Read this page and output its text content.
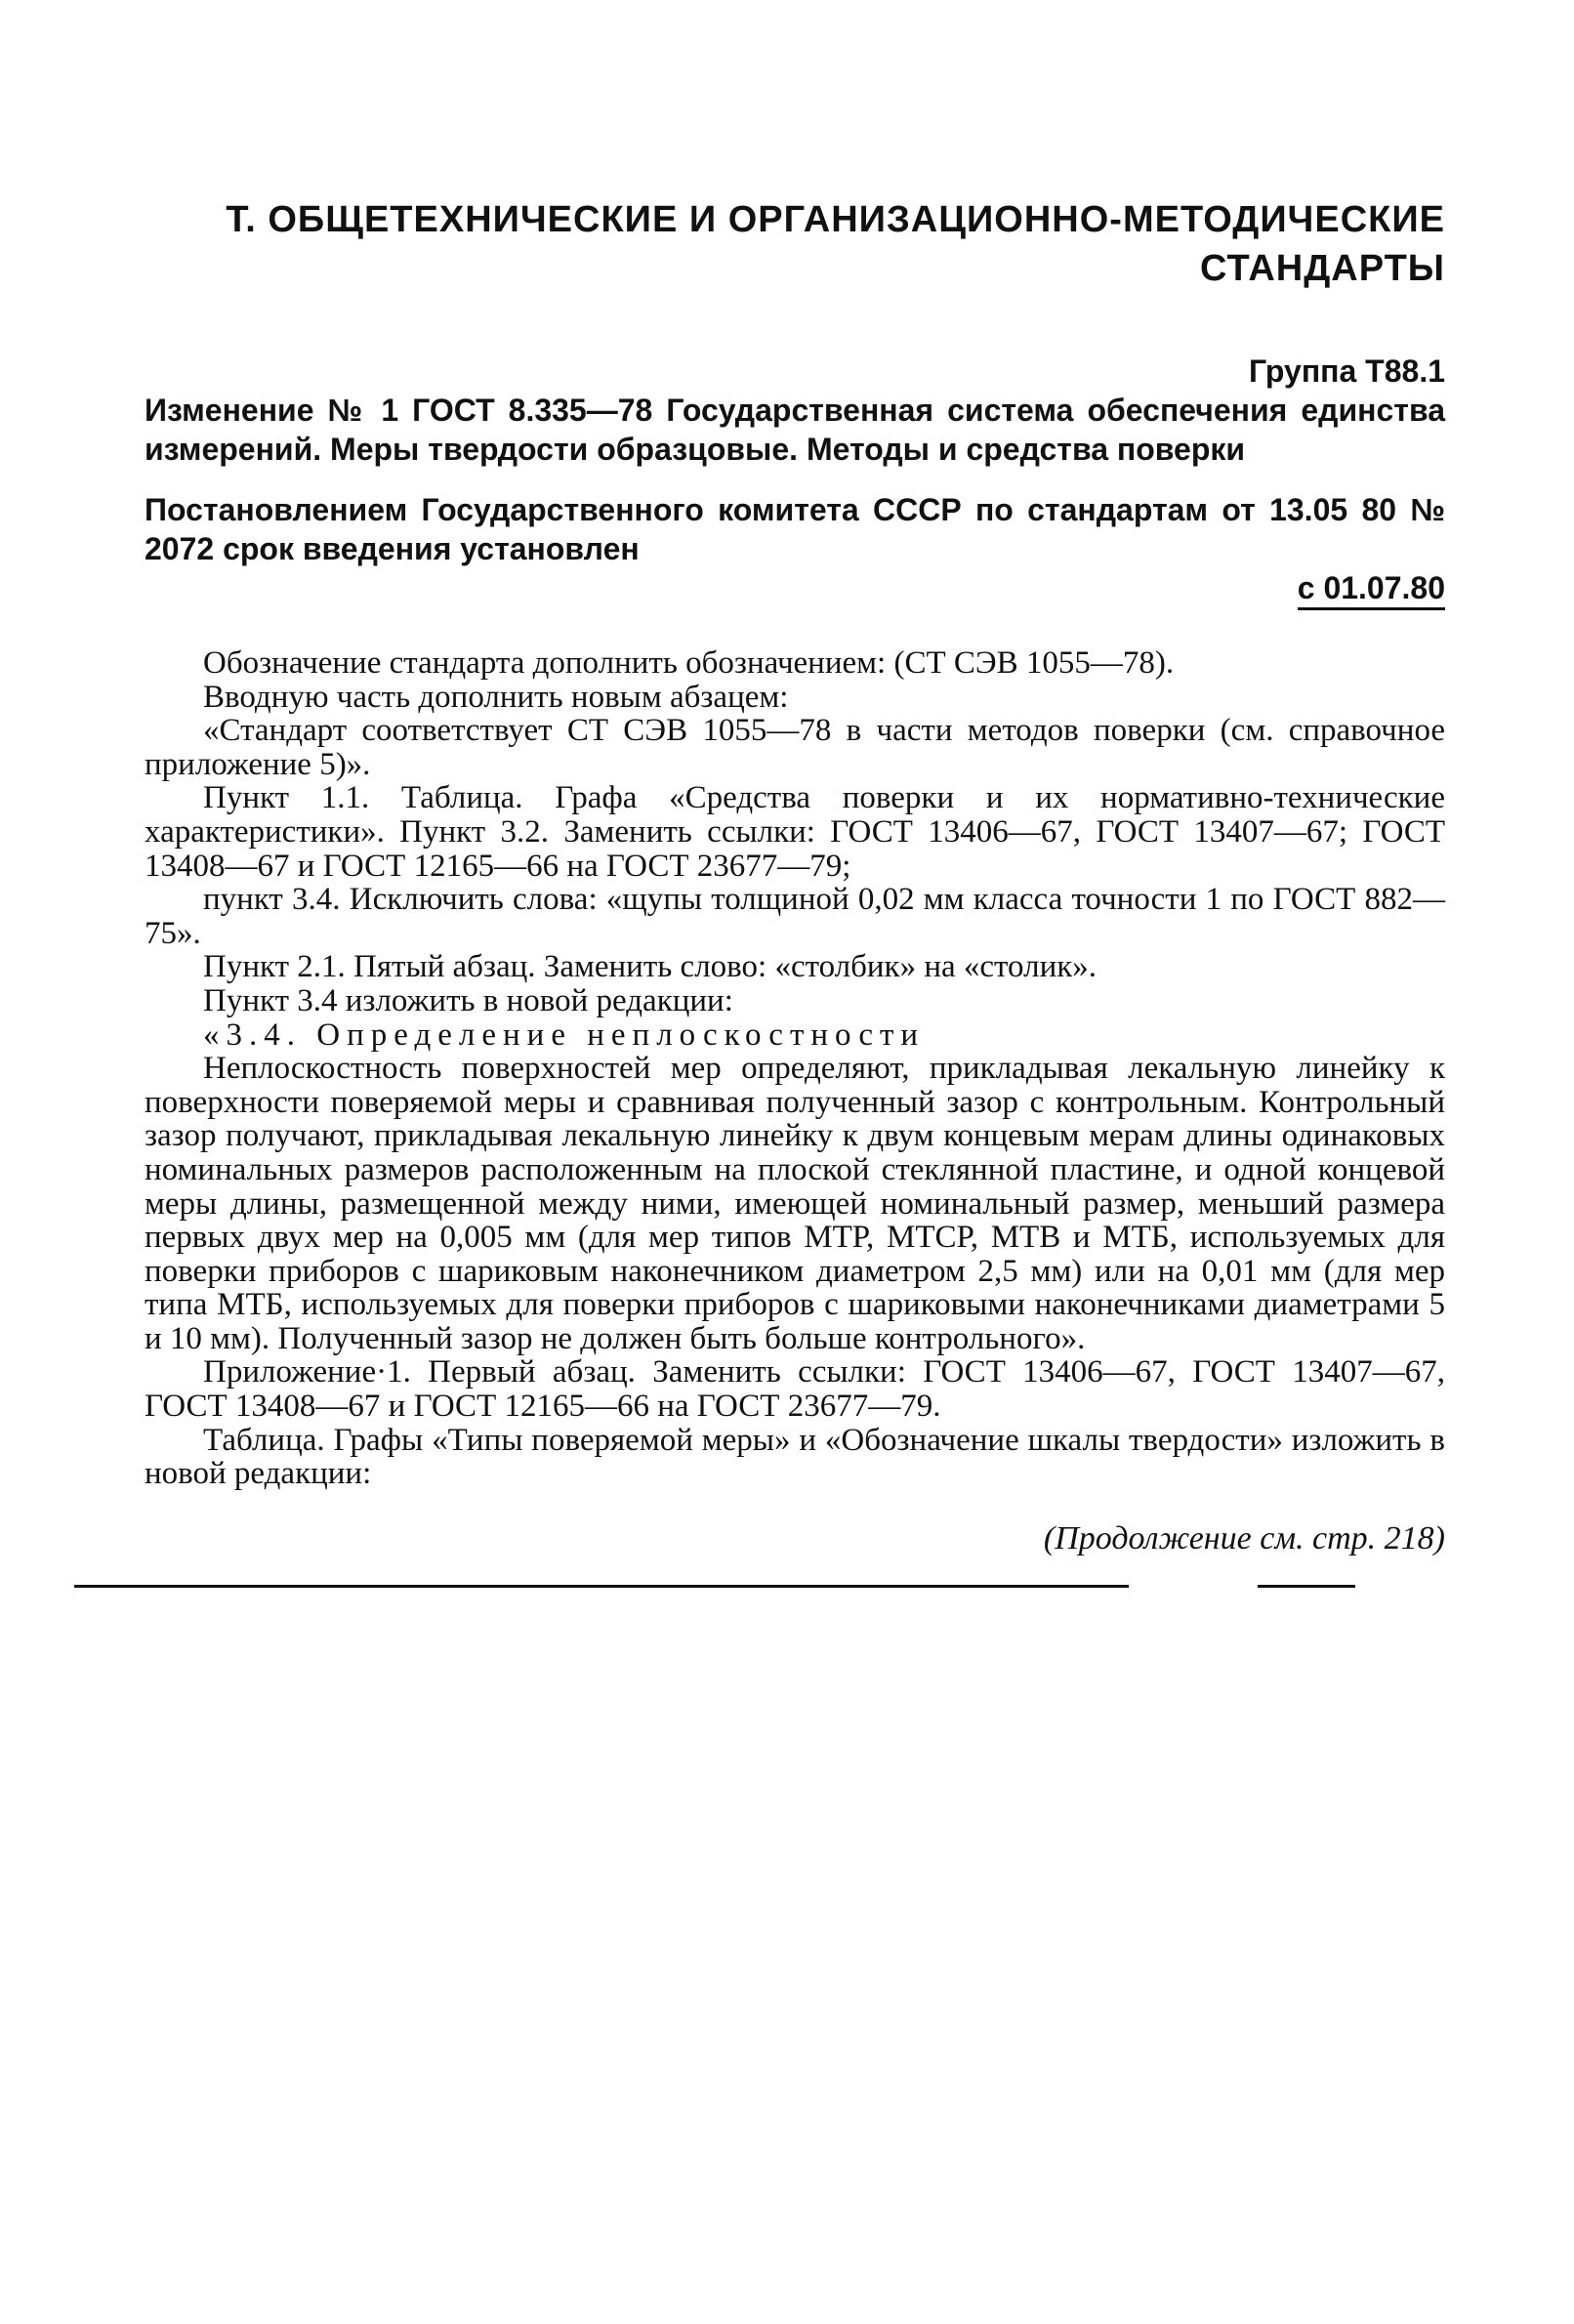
Т. ОБЩЕТЕХНИЧЕСКИЕ И ОРГАНИЗАЦИОННО-МЕТОДИЧЕСКИЕ
СТАНДАРТЫ

Группа Т88.1

Изменение № 1 ГОСТ 8.335—78 Государственная система обеспечения единства измерений. Меры твердости образцовые. Методы и средства поверки

Постановлением Государственного комитета СССР по стандартам от 13.05 80 № 2072 срок введения установлен

с 01.07.80

Обозначение стандарта дополнить обозначением: (СТ СЭВ 1055—78).

Вводную часть дополнить новым абзацем:

«Стандарт соответствует СТ СЭВ 1055—78 в части методов поверки (см. справочное приложение 5)».

Пункт 1.1. Таблица. Графа «Средства поверки и их нормативно-технические характеристики». Пункт 3.2. Заменить ссылки: ГОСТ 13406—67, ГОСТ 13407—67; ГОСТ 13408—67 и ГОСТ 12165—66 на ГОСТ 23677—79;

пункт 3.4. Исключить слова: «щупы толщиной 0,02 мм класса точности 1 по ГОСТ 882—75».

Пункт 2.1. Пятый абзац. Заменить слово: «столбик» на «столик».

Пункт 3.4 изложить в новой редакции:

«3.4. Определение неплоскостности

Неплоскостность поверхностей мер определяют, прикладывая лекальную линейку к поверхности поверяемой меры и сравнивая полученный зазор с контрольным. Контрольный зазор получают, прикладывая лекальную линейку к двум концевым мерам длины одинаковых номинальных размеров расположенным на плоской стеклянной пластине, и одной концевой меры длины, размещенной между ними, имеющей номинальный размер, меньший размера первых двух мер на 0,005 мм (для мер типов МТР, МТСР, МТВ и МТБ, используемых для поверки приборов с шариковым наконечником диаметром 2,5 мм) или на 0,01 мм (для мер типа МТБ, используемых для поверки приборов с шариковыми наконечниками диаметрами 5 и 10 мм). Полученный зазор не должен быть больше контрольного».

Приложение·1. Первый абзац. Заменить ссылки: ГОСТ 13406—67, ГОСТ 13407—67, ГОСТ 13408—67 и ГОСТ 12165—66 на ГОСТ 23677—79.

Таблица. Графы «Типы поверяемой меры» и «Обозначение шкалы твердости» изложить в новой редакции:

(Продолжение см. стр. 218)
